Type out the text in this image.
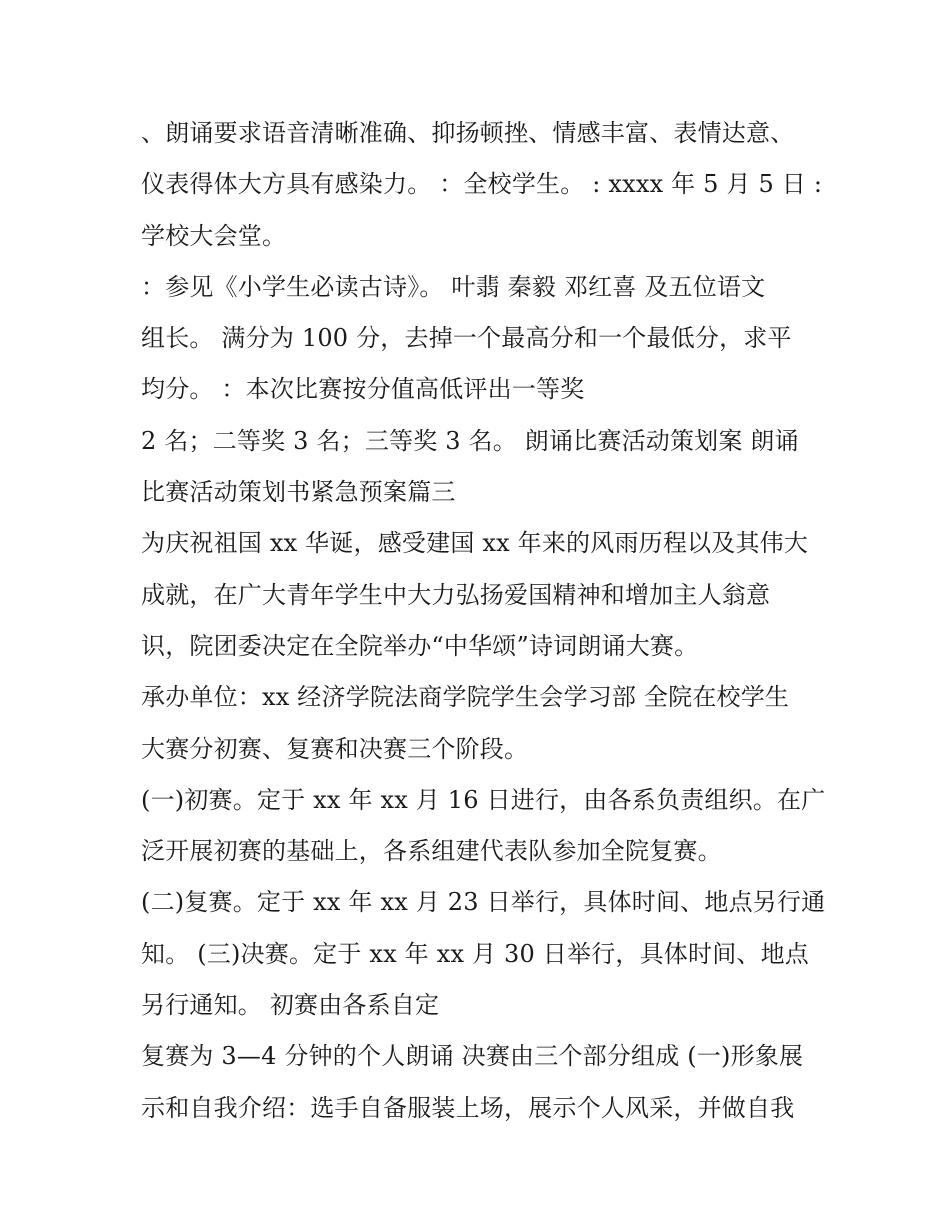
、朗诵要求语音清晰准确、抑扬顿挫、情感丰富、表情达意、
仪表得体大方具有感染力。 ：全校学生。 : xxxx 年 5 月 5 日 :
学校大会堂。
：参见《小学生必读古诗》。 叶翡 秦毅 邓红喜 及五位语文
组长。 满分为 100 分，去掉一个最高分和一个最低分，求平
均分。 ：本次比赛按分值高低评出一等奖
2 名；二等奖 3 名；三等奖 3 名。 朗诵比赛活动策划案 朗诵
比赛活动策划书紧急预案篇三
为庆祝祖国 xx 华诞，感受建国 xx 年来的风雨历程以及其伟大
成就，在广大青年学生中大力弘扬爱国精神和增加主人翁意
识，院团委决定在全院举办“中华颂”诗词朗诵大赛。
承办单位：xx 经济学院法商学院学生会学习部 全院在校学生
大赛分初赛、复赛和决赛三个阶段。
(一)初赛。定于 xx 年 xx 月 16 日进行，由各系负责组织。在广
泛开展初赛的基础上，各系组建代表队参加全院复赛。
(二)复赛。定于 xx 年 xx 月 23 日举行，具体时间、地点另行通
知。 (三)决赛。定于 xx 年 xx 月 30 日举行，具体时间、地点
另行通知。 初赛由各系自定
复赛为 3—4 分钟的个人朗诵 决赛由三个部分组成 (一)形象展
示和自我介绍：选手自备服装上场，展示个人风采，并做自我
